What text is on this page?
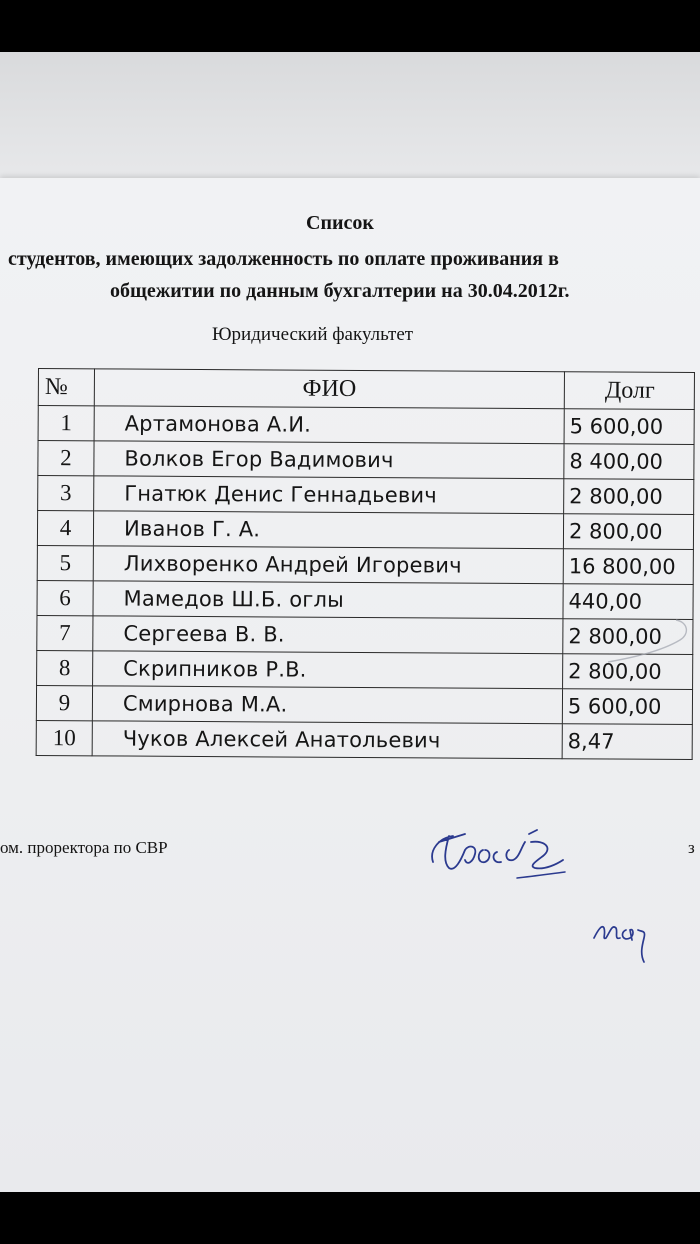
Список
студентов, имеющих задолженность по оплате проживания в
общежитии по данным бухгалтерии на 30.04.2012г.
Юридический факультет
№	ФИО	Долг
1	Артамонова А.И.	5 600,00
2	Волков Егор Вадимович	8 400,00
3	Гнатюк Денис Геннадьевич	2 800,00
4	Иванов Г. А.	2 800,00
5	Лихворенко Андрей Игоревич	16 800,00
6	Мамедов Ш.Б. оглы	440,00
7	Сергеева В. В.	2 800,00
8	Скрипников Р.В.	2 800,00
9	Смирнова М.А.	5 600,00
10	Чуков Алексей Анатольевич	8,47
ом. проректора по СВР	з
